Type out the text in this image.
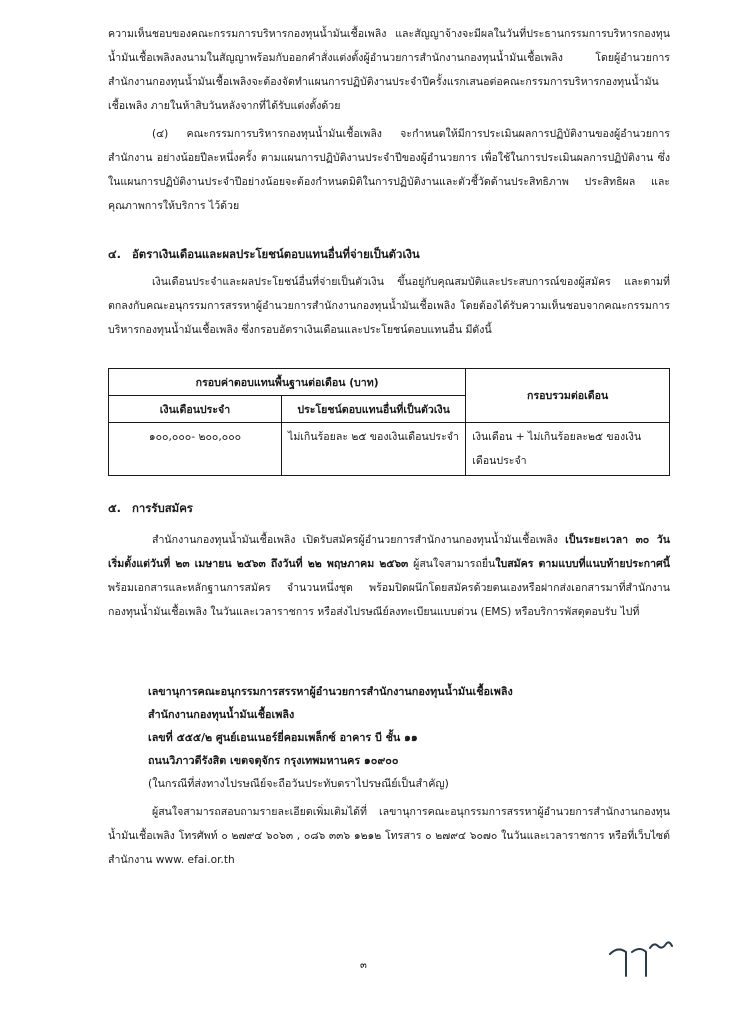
ความเห็นชอบของคณะกรรมการบริหารกองทุนน้ำมันเชื้อเพลิง และสัญญาจ้างจะมีผลในวันที่ประธานกรรมการบริหารกองทุนน้ำมันเชื้อเพลิงลงนามในสัญญาพร้อมกับออกคำสั่งแต่งตั้งผู้อำนวยการสำนักงานกองทุนน้ำมันเชื้อเพลิง โดยผู้อำนวยการสำนักงานกองทุนน้ำมันเชื้อเพลิงจะต้องจัดทำแผนการปฏิบัติงานประจำปีครั้งแรกเสนอต่อคณะกรรมการบริหารกองทุนน้ำมันเชื้อเพลิง ภายในห้าสิบวันหลังจากที่ได้รับแต่งตั้งด้วย

(๔) คณะกรรมการบริหารกองทุนน้ำมันเชื้อเพลิง จะกำหนดให้มีการประเมินผลการปฏิบัติงานของผู้อำนวยการสำนักงาน อย่างน้อยปีละหนึ่งครั้ง ตามแผนการปฏิบัติงานประจำปีของผู้อำนวยการ เพื่อใช้ในการประเมินผลการปฏิบัติงาน ซึ่งในแผนการปฏิบัติงานประจำปีอย่างน้อยจะต้องกำหนดมิติในการปฏิบัติงานและตัวชี้วัดด้านประสิทธิภาพ ประสิทธิผล และคุณภาพการให้บริการ ไว้ด้วย

๔. อัตราเงินเดือนและผลประโยชน์ตอบแทนอื่นที่จ่ายเป็นตัวเงิน

เงินเดือนประจำและผลประโยชน์อื่นที่จ่ายเป็นตัวเงิน ขึ้นอยู่กับคุณสมบัติและประสบการณ์ของผู้สมัคร และตามที่ตกลงกับคณะอนุกรรมการสรรหาผู้อำนวยการสำนักงานกองทุนน้ำมันเชื้อเพลิง โดยต้องได้รับความเห็นชอบจากคณะกรรมการบริหารกองทุนน้ำมันเชื้อเพลิง ซึ่งกรอบอัตราเงินเดือนและประโยชน์ตอบแทนอื่น มีดังนี้

กรอบค่าตอบแทนพื้นฐานต่อเดือน (บาท)		กรอบรวมต่อเดือน
เงินเดือนประจำ	ประโยชน์ตอบแทนอื่นที่เป็นตัวเงิน	
๑๐๐,๐๐๐- ๒๐๐,๐๐๐	ไม่เกินร้อยละ ๒๕ ของเงินเดือนประจำ	เงินเดือน + ไม่เกินร้อยละ๒๕ ของเงินเดือนประจำ
๕. การรับสมัคร

สำนักงานกองทุนน้ำมันเชื้อเพลิง เปิดรับสมัครผู้อำนวยการสำนักงานกองทุนน้ำมันเชื้อเพลิง เป็นระยะเวลา ๓๐ วัน เริ่มตั้งแต่วันที่ ๒๓ เมษายน ๒๕๖๓ ถึงวันที่ ๒๒ พฤษภาคม ๒๕๖๓ ผู้สนใจสามารถยื่นใบสมัคร ตามแบบที่แนบท้ายประกาศนี้ พร้อมเอกสารและหลักฐานการสมัคร จำนวนหนึ่งชุด พร้อมปิดผนึกโดยสมัครด้วยตนเองหรือฝากส่งเอกสารมาที่สำนักงานกองทุนน้ำมันเชื้อเพลิง ในวันและเวลาราชการ หรือส่งไปรษณีย์ลงทะเบียนแบบด่วน (EMS) หรือบริการพัสดุตอบรับ ไปที่

เลขานุการคณะอนุกรรมการสรรหาผู้อำนวยการสำนักงานกองทุนน้ำมันเชื้อเพลิง
สำนักงานกองทุนน้ำมันเชื้อเพลิง
เลขที่ ๕๕๕/๒ ศูนย์เอนเนอร์ยี่คอมเพล็กซ์ อาคาร บี ชั้น ๑๑
ถนนวิภาวดีรังสิต เขตจตุจักร กรุงเทพมหานคร ๑๐๙๐๐
(ในกรณีที่ส่งทางไปรษณีย์จะถือวันประทับตราไปรษณีย์เป็นสำคัญ)

ผู้สนใจสามารถสอบถามรายละเอียดเพิ่มเติมได้ที่ เลขานุการคณะอนุกรรมการสรรหาผู้อำนวยการสำนักงานกองทุนน้ำมันเชื้อเพลิง โทรศัพท์ ๐ ๒๗๙๔ ๖๐๖๓ , ๐๘๖ ๓๓๖ ๑๒๑๒ โทรสาร ๐ ๒๗๙๔ ๖๐๗๐ ในวันและเวลาราชการ หรือที่เว็บไซต์สำนักงาน www. efai.or.th

๓
